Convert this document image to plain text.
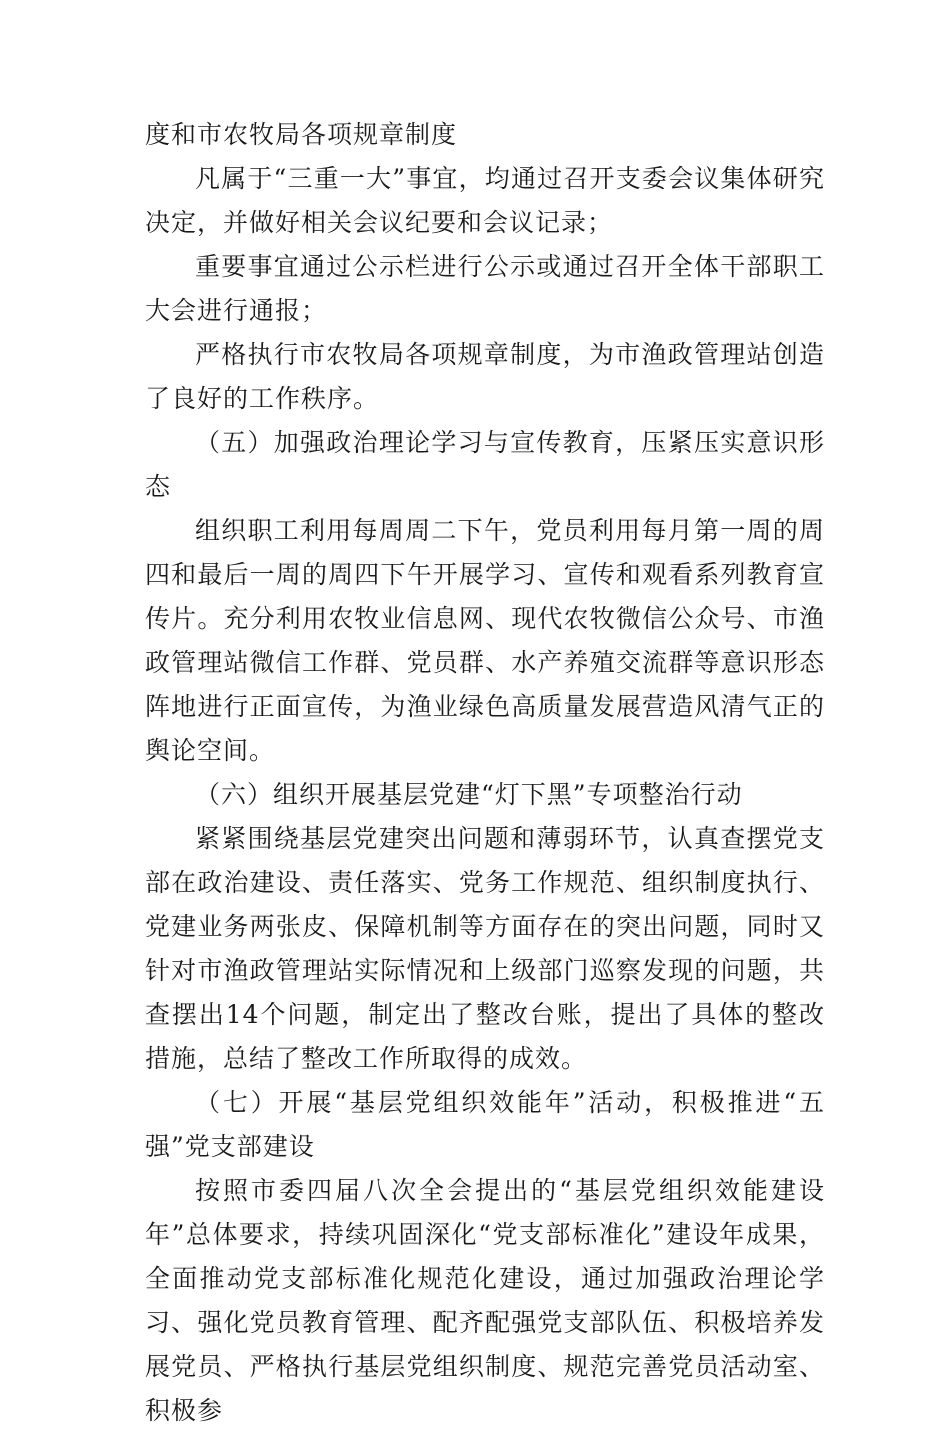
度和市农牧局各项规章制度

凡属于“三重一大”事宜，均通过召开支委会议集体研究决定，并做好相关会议纪要和会议记录；

重要事宜通过公示栏进行公示或通过召开全体干部职工大会进行通报；

严格执行市农牧局各项规章制度，为市渔政管理站创造了良好的工作秩序。

（五）加强政治理论学习与宣传教育，压紧压实意识形态

组织职工利用每周周二下午，党员利用每月第一周的周四和最后一周的周四下午开展学习、宣传和观看系列教育宣传片。充分利用农牧业信息网、现代农牧微信公众号、市渔政管理站微信工作群、党员群、水产养殖交流群等意识形态阵地进行正面宣传，为渔业绿色高质量发展营造风清气正的舆论空间。

（六）组织开展基层党建“灯下黑”专项整治行动

紧紧围绕基层党建突出问题和薄弱环节，认真查摆党支部在政治建设、责任落实、党务工作规范、组织制度执行、党建业务两张皮、保障机制等方面存在的突出问题，同时又针对市渔政管理站实际情况和上级部门巡察发现的问题，共查摆出14个问题，制定出了整改台账，提出了具体的整改措施，总结了整改工作所取得的成效。

（七）开展“基层党组织效能年”活动，积极推进“五强”党支部建设

按照市委四届八次全会提出的“基层党组织效能建设年”总体要求，持续巩固深化“党支部标准化”建设年成果，全面推动党支部标准化规范化建设，通过加强政治理论学习、强化党员教育管理、配齐配强党支部队伍、积极培养发展党员、严格执行基层党组织制度、规范完善党员活动室、积极参
